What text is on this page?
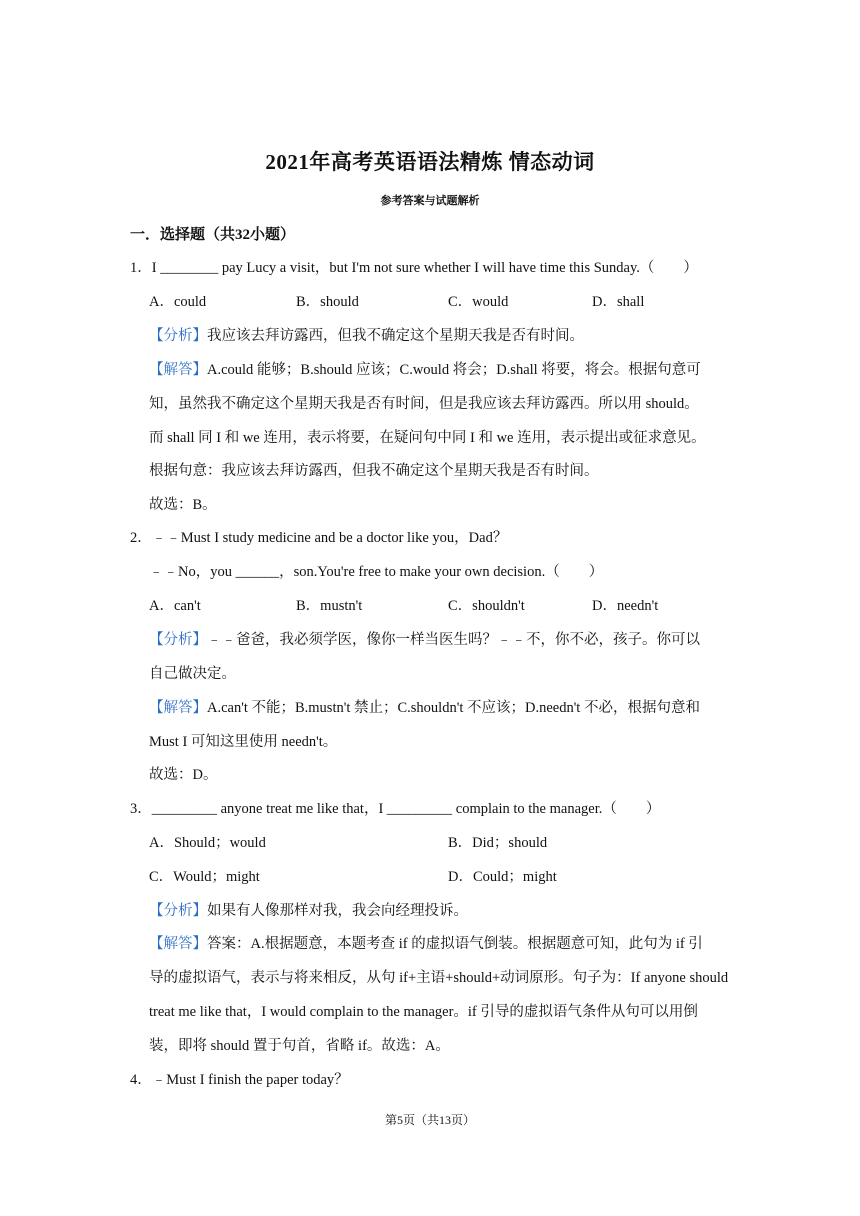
2021年高考英语语法精炼 情态动词
参考答案与试题解析
一．选择题（共32小题）
1．I ________ pay Lucy a visit，but I'm not sure whether I will have time this Sunday.（　　）
A．could	B．should	C．would	D．shall
【分析】我应该去拜访露西，但我不确定这个星期天我是否有时间。
【解答】A.could 能够；B.should 应该；C.would 将会；D.shall 将要，将会。根据句意可
知，虽然我不确定这个星期天我是否有时间，但是我应该去拜访露西。所以用 should。
而 shall 同 I 和 we 连用，表示将要，在疑问句中同 I 和 we 连用，表示提出或征求意见。
根据句意：我应该去拜访露西，但我不确定这个星期天我是否有时间。
故选：B。
2．﹣﹣Must I study medicine and be a doctor like you，Dad？
﹣﹣No，you ______，son.You're free to make your own decision.（　　）
A．can't	B．mustn't	C．shouldn't	D．needn't
【分析】﹣﹣爸爸，我必须学医，像你一样当医生吗？﹣﹣不，你不必，孩子。你可以
自己做决定。
【解答】A.can't 不能；B.mustn't 禁止；C.shouldn't 不应该；D.needn't 不必，根据句意和
Must I 可知这里使用 needn't。
故选：D。
3．_________ anyone treat me like that，I _________ complain to the manager.（　　）
A．Should；would	B．Did；should
C．Would；might	D．Could；might
【分析】如果有人像那样对我，我会向经理投诉。
【解答】答案：A.根据题意，本题考查 if 的虚拟语气倒装。根据题意可知，此句为 if 引
导的虚拟语气，表示与将来相反，从句 if+主语+should+动词原形。句子为：If anyone should
treat me like that，I would complain to the manager。if 引导的虚拟语气条件从句可以用倒
装，即将 should 置于句首，省略 if。故选：A。
4．﹣Must I finish the paper today？
第5页（共13页）
